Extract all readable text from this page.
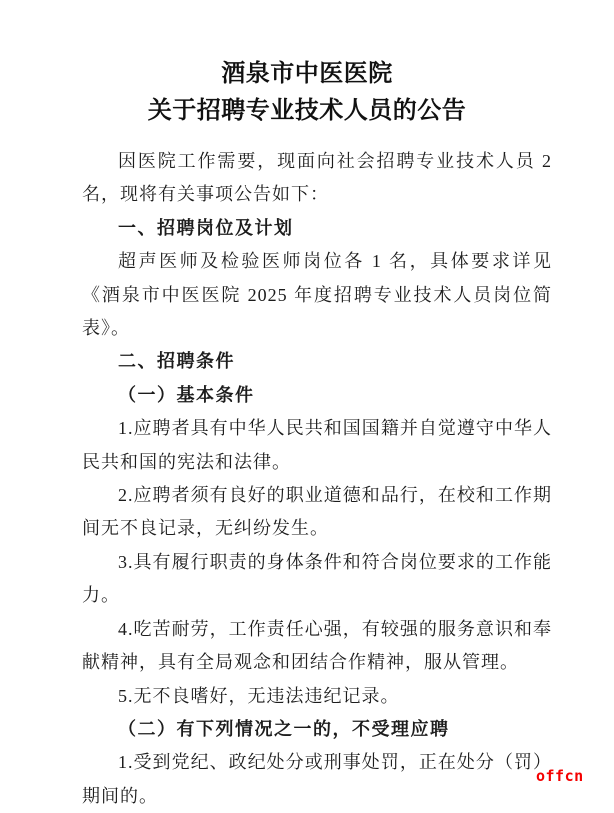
酒泉市中医医院
关于招聘专业技术人员的公告

因医院工作需要，现面向社会招聘专业技术人员 2 名，现将有关事项公告如下：

一、招聘岗位及计划

超声医师及检验医师岗位各 1 名，具体要求详见《酒泉市中医医院 2025 年度招聘专业技术人员岗位简表》。

二、招聘条件

（一）基本条件

1.应聘者具有中华人民共和国国籍并自觉遵守中华人民共和国的宪法和法律。

2.应聘者须有良好的职业道德和品行，在校和工作期间无不良记录，无纠纷发生。

3.具有履行职责的身体条件和符合岗位要求的工作能力。

4.吃苦耐劳，工作责任心强，有较强的服务意识和奉献精神，具有全局观念和团结合作精神，服从管理。

5.无不良嗜好，无违法违纪记录。

（二）有下列情况之一的，不受理应聘

1.受到党纪、政纪处分或刑事处罚，正在处分（罚）期间的。

offcn
